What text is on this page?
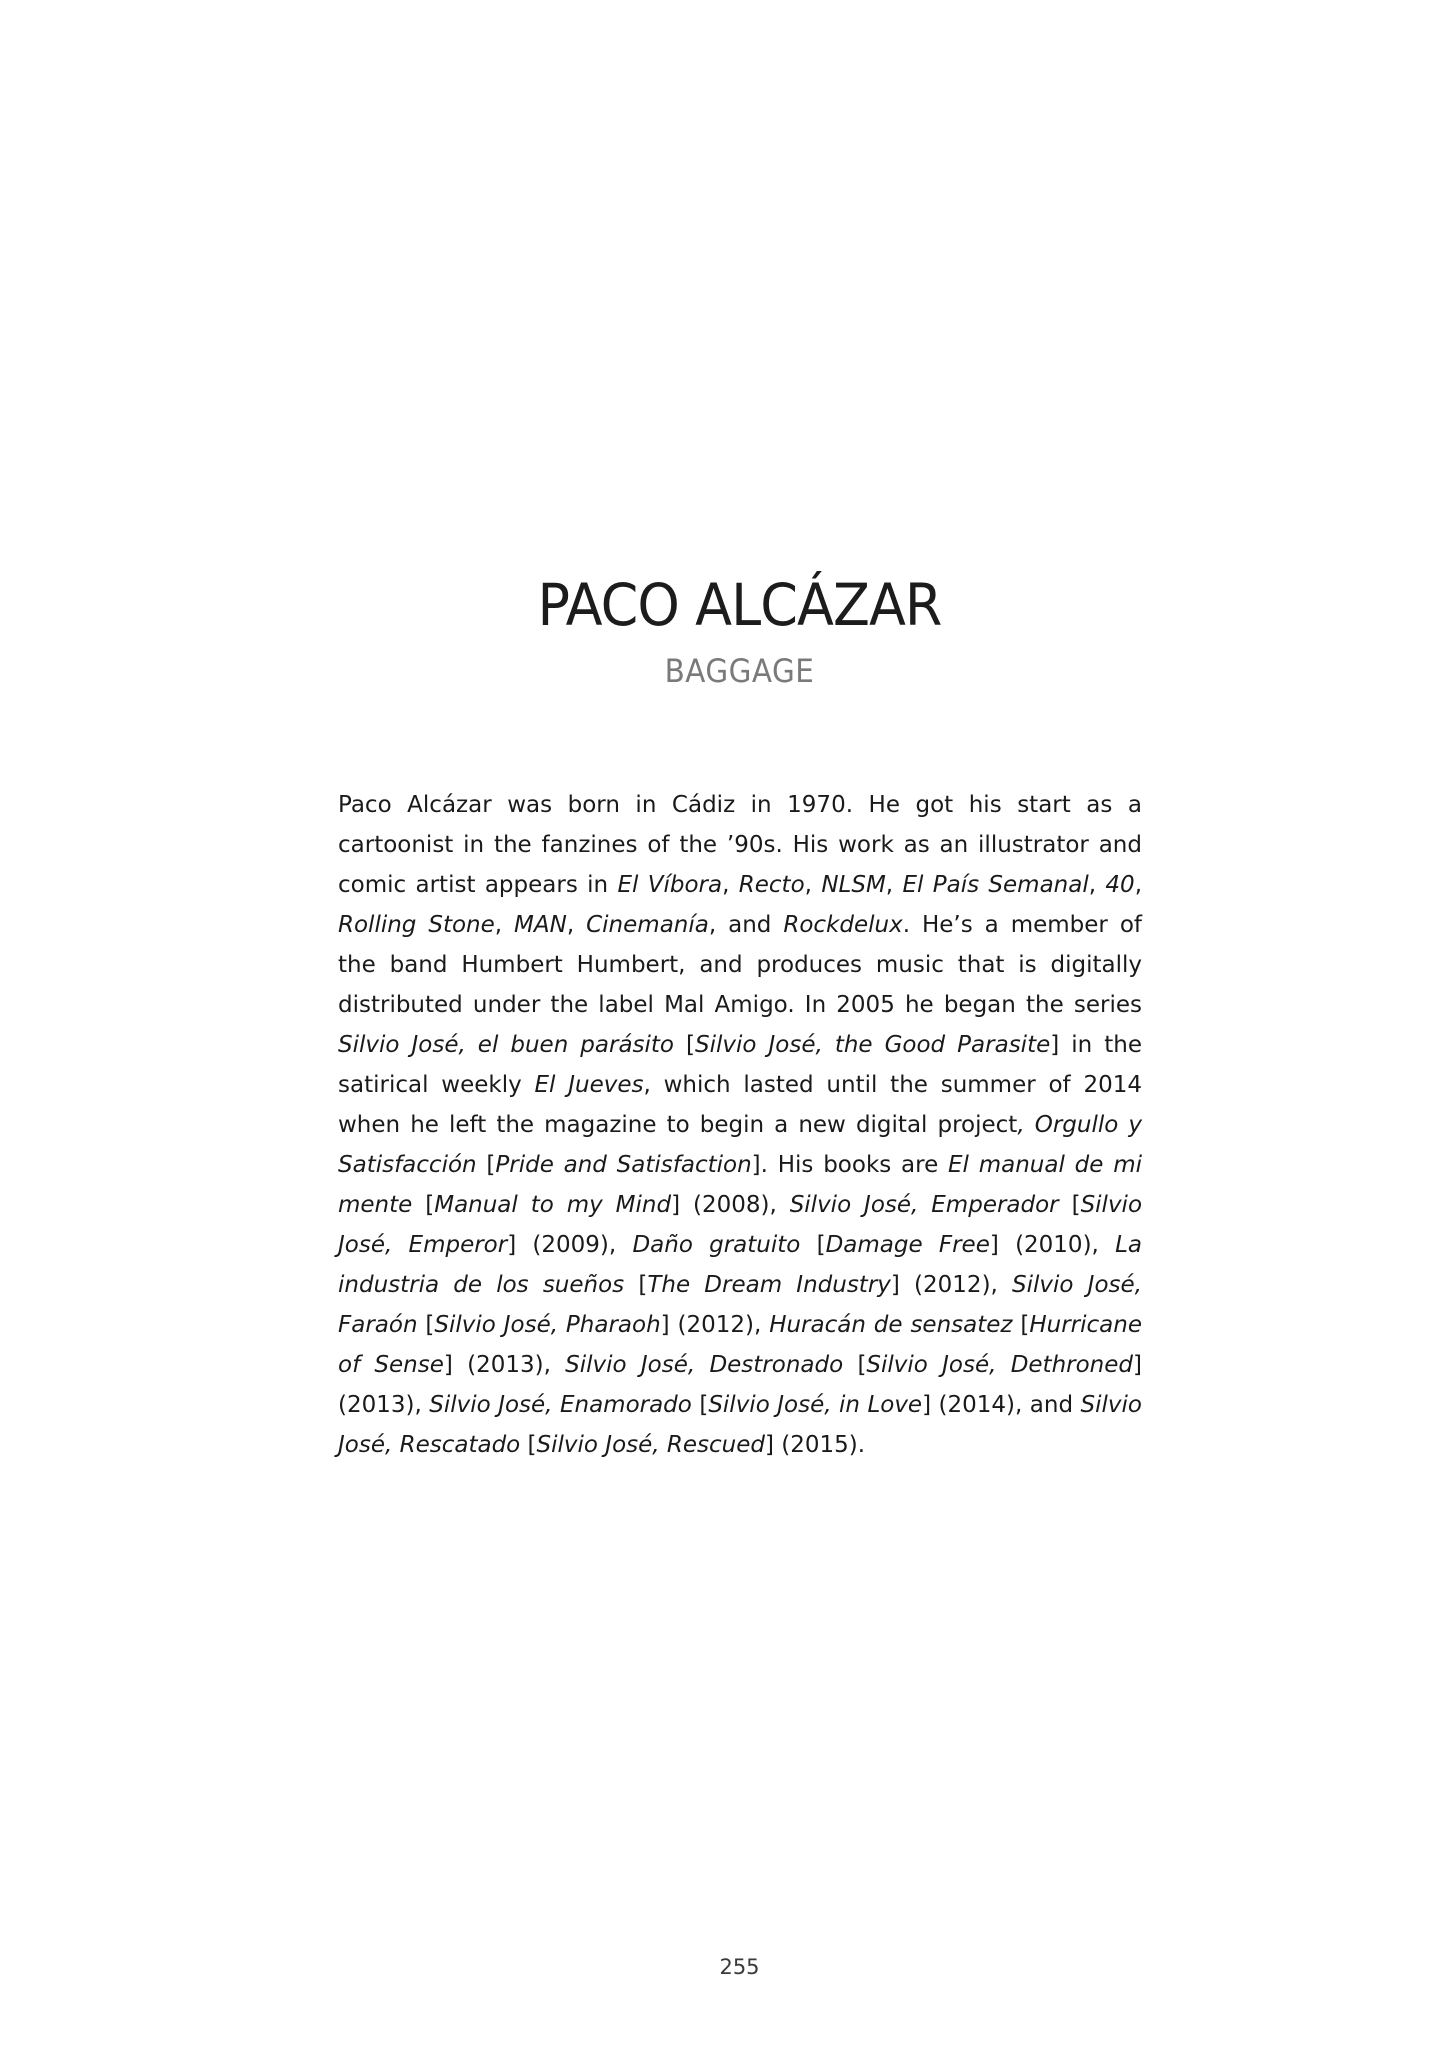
PACO ALCÁZAR
BAGGAGE

Paco Alcázar was born in Cádiz in 1970. He got his start as a cartoonist in the fanzines of the ’90s. His work as an illustrator and comic artist appears in El Víbora, Recto, NLSM, El País Semanal, 40, Rolling Stone, MAN, Cinemanía, and Rockdelux. He’s a member of the band Humbert Humbert, and produces music that is digitally distributed under the label Mal Amigo. In 2005 he began the series Silvio José, el buen parásito [Silvio José, the Good Parasite] in the satirical weekly El Jueves, which lasted until the summer of 2014 when he left the magazine to begin a new digital project, Orgullo y Satisfacción [Pride and Satisfaction]. His books are El manual de mi mente [Manual to my Mind] (2008), Silvio José, Emperador [Silvio José, Emperor] (2009), Daño gratuito [Damage Free] (2010), La industria de los sueños [The Dream Industry] (2012), Silvio José, Faraón [Silvio José, Pharaoh] (2012), Huracán de sensatez [Hurricane of Sense] (2013), Silvio José, Destronado [Silvio José, Dethroned] (2013), Silvio José, Enamorado [Silvio José, in Love] (2014), and Silvio José, Rescatado [Silvio José, Rescued] (2015).

255
